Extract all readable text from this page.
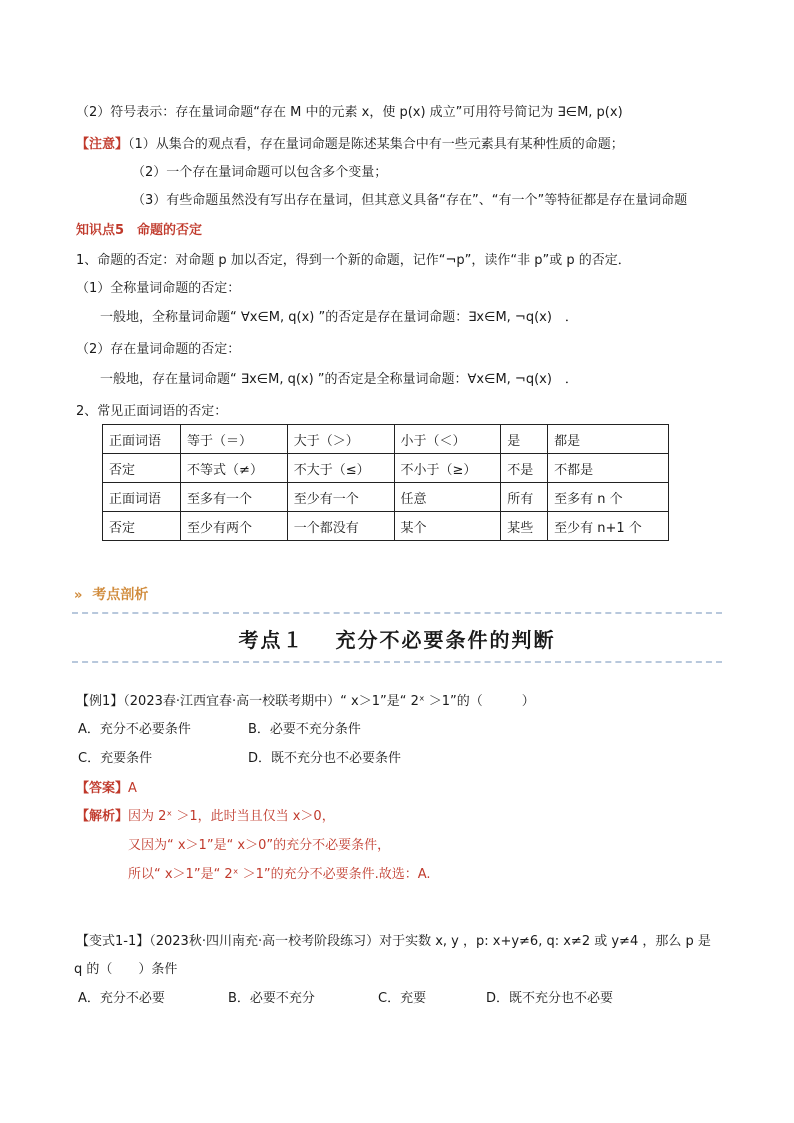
（2）符号表示：存在量词命题“存在 M 中的元素 x，使 p(x) 成立”可用符号简记为 ∃∈M, p(x)
【注意】（1）从集合的观点看，存在量词命题是陈述某集合中有一些元素具有某种性质的命题；
（2）一个存在量词命题可以包含多个变量；
（3）有些命题虽然没有写出存在量词，但其意义具备“存在”、“有一个”等特征都是存在量词命题
知识点5　命题的否定
1、命题的否定：对命题 p 加以否定，得到一个新的命题，记作“¬p”，读作“非 p”或 p 的否定．
（1）全称量词命题的否定：
一般地，全称量词命题“ ∀x∈M, q(x) ”的否定是存在量词命题：∃x∈M, ¬q(x)　．
（2）存在量词命题的否定：
一般地，存在量词命题“ ∃x∈M, q(x) ”的否定是全称量词命题：∀x∈M, ¬q(x)　．
2、常见正面词语的否定：
正面词语	等于（＝）	大于（＞）	小于（＜）	是	都是
否定	不等式（≠）	不大于（≤）	不小于（≥）	不是	不都是
正面词语	至多有一个	至少有一个	任意	所有	至多有 n 个
否定	至少有两个	一个都没有	某个	某些	至少有 n+1 个
» 考点剖析
考点１　 充分不必要条件的判断
【例1】（2023春·江西宜春·高一校联考期中）“ x＞1”是“ 2ˣ ＞1”的（　　　）
A．充分不必要条件	B．必要不充分条件
C．充要条件	D．既不充分也不必要条件
【答案】A
【解析】因为 2ˣ ＞1，此时当且仅当 x＞0，
又因为“ x＞1”是“ x＞0”的充分不必要条件，
所以“ x＞1”是“ 2ˣ ＞1”的充分不必要条件.故选：A.
【变式1-1】（2023秋·四川南充·高一校考阶段练习）对于实数 x, y ，p: x+y≠6, q: x≠2 或 y≠4 ，那么 p 是
q 的（　　）条件
A．充分不必要	B．必要不充分	C．充要	D．既不充分也不必要
